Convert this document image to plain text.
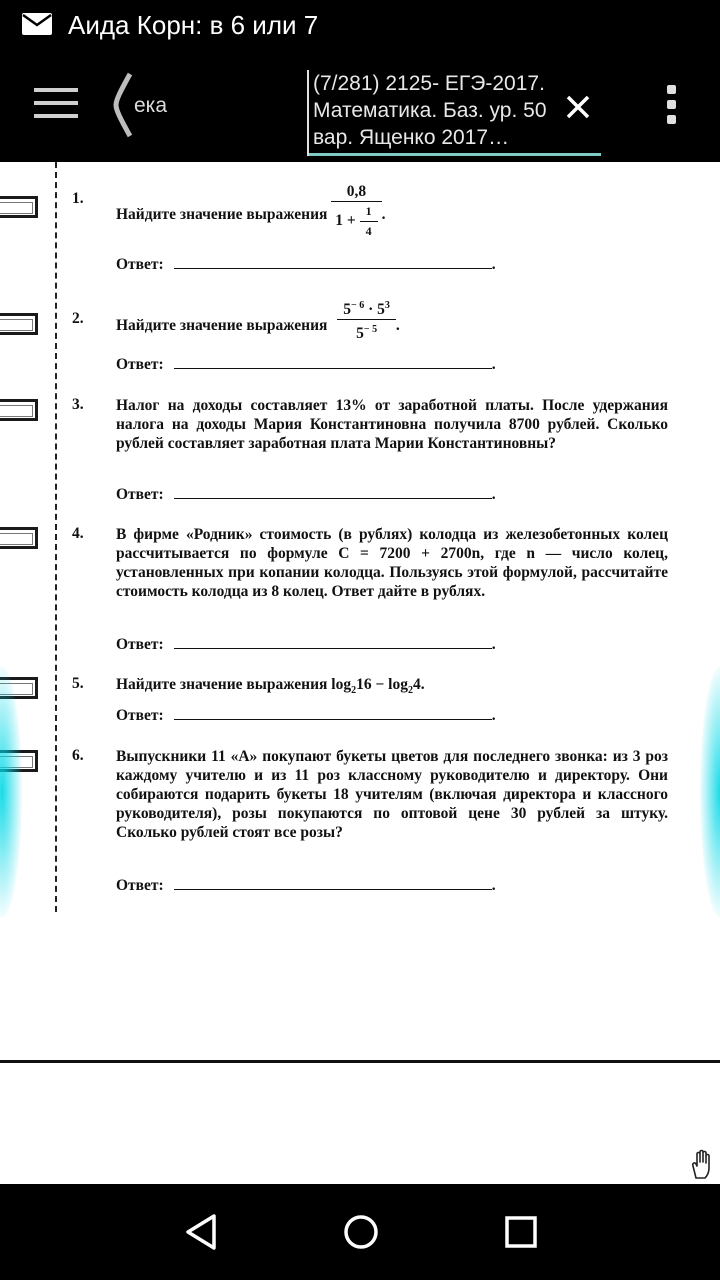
Аида Корн: в 6 или 7
ека
(7/281) 2125- ЕГЭ-2017. Математика. Баз. ур. 50 вар. Ященко 2017…
1.
Найдите значение выражения $\frac{0,8}{1 + \frac{1}{4}}$ .
Ответ:	.
2. Найдите значение выражения $\frac{5^{- 6} \cdot 5^3}{5^{- 5}}$ .
Ответ:	.
3. Налог на доходы составляет 13% от заработной платы. После удержания налога на доходы Мария Константиновна получила 8700 рублей. Сколько рублей составляет заработная плата Марии Константиновны?
Ответ:	.
4. В фирме «Родник» стоимость (в рублях) колодца из железобетонных колец рассчитывается по формуле C = 7200 + 2700n, где n — число колец, установленных при копании колодца. Пользуясь этой формулой, рассчитайте стоимость колодца из 8 колец. Ответ дайте в рублях.
Ответ:	.
5. Найдите значение выражения $\log_216 - \log_24$.
Ответ:	.
6. Выпускники 11 «А» покупают букеты цветов для последнего звонка: из 3 роз каждому учителю и из 11 роз классному руководителю и директору. Они собираются подарить букеты 18 учителям (включая директора и классного руководителя), розы покупаются по оптовой цене 30 рублей за штуку. Сколько рублей стоят все розы?
Ответ:	.
